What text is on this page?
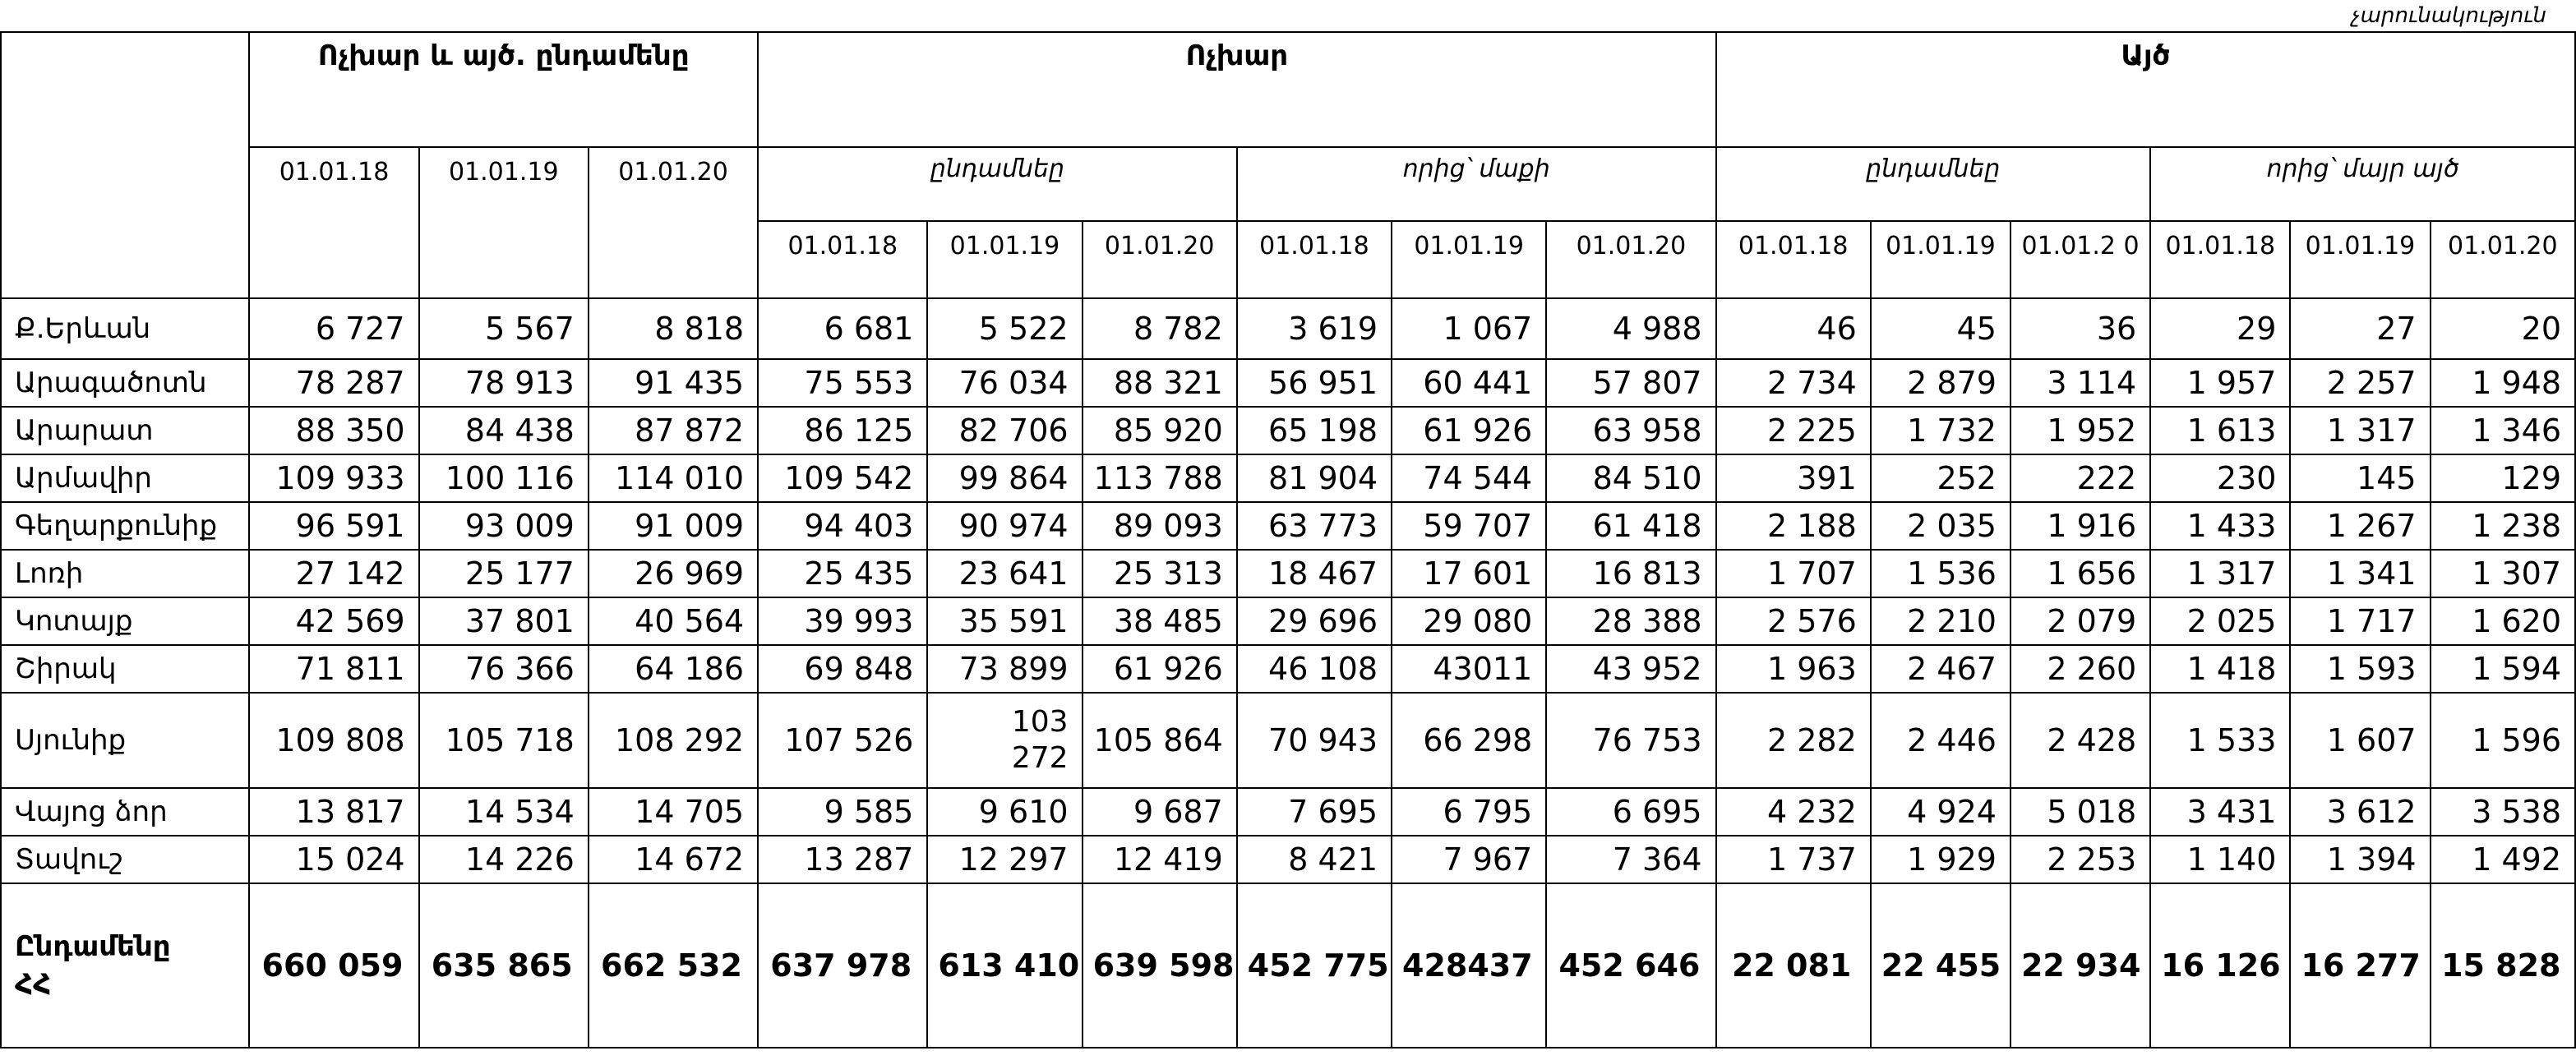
չարունակություն
	Ոչխար և այծ. ընդամենը			Ոչխար						Այծ					
	01.01.18	01.01.19	01.01.20	ընդամնեը			որից՝ մաքի			ընդամնեը			որից՝ մայր այծ		
				01.01.18	01.01.19	01.01.20	01.01.18	01.01.19	01.01.20	01.01.18	01.01.19	01.01.2 0	01.01.18	01.01.19	01.01.20
Ք.Երևան	6 727	5 567	8 818	6 681	5 522	8 782	3 619	1 067	4 988	46	45	36	29	27	20
Արագածոտն	78 287	78 913	91 435	75 553	76 034	88 321	56 951	60 441	57 807	2 734	2 879	3 114	1 957	2 257	1 948
Արարատ	88 350	84 438	87 872	86 125	82 706	85 920	65 198	61 926	63 958	2 225	1 732	1 952	1 613	1 317	1 346
Արմավիր	109 933	100 116	114 010	109 542	99 864	113 788	81 904	74 544	84 510	391	252	222	230	145	129
Գեղարքունիք	96 591	93 009	91 009	94 403	90 974	89 093	63 773	59 707	61 418	2 188	2 035	1 916	1 433	1 267	1 238
Լոռի	27 142	25 177	26 969	25 435	23 641	25 313	18 467	17 601	16 813	1 707	1 536	1 656	1 317	1 341	1 307
Կոտայք	42 569	37 801	40 564	39 993	35 591	38 485	29 696	29 080	28 388	2 576	2 210	2 079	2 025	1 717	1 620
Շիրակ	71 811	76 366	64 186	69 848	73 899	61 926	46 108	43011	43 952	1 963	2 467	2 260	1 418	1 593	1 594
Սյունիք	109 808	105 718	108 292	107 526	103 272	105 864	70 943	66 298	76 753	2 282	2 446	2 428	1 533	1 607	1 596
Վայոց ձոր	13 817	14 534	14 705	9 585	9 610	9 687	7 695	6 795	6 695	4 232	4 924	5 018	3 431	3 612	3 538
Տավուշ	15 024	14 226	14 672	13 287	12 297	12 419	8 421	7 967	7 364	1 737	1 929	2 253	1 140	1 394	1 492
Ընդամենը ՀՀ	660 059	635 865	662 532	637 978	613 410	639 598	452 775	428437	452 646	22 081	22 455	22 934	16 126	16 277	15 828
